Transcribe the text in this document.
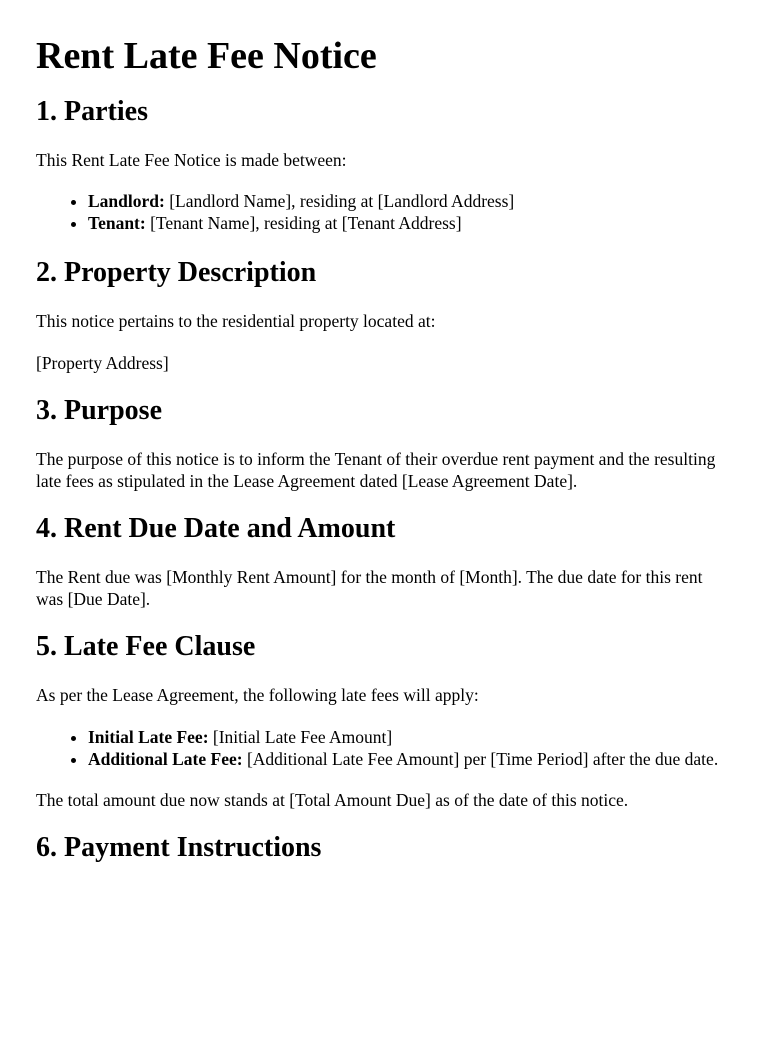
Rent Late Fee Notice
1. Parties

This Rent Late Fee Notice is made between:

• Landlord: [Landlord Name], residing at [Landlord Address]
• Tenant: [Tenant Name], residing at [Tenant Address]
2. Property Description

This notice pertains to the residential property located at:

[Property Address]

3. Purpose

The purpose of this notice is to inform the Tenant of their overdue rent payment and the resulting late fees as stipulated in the Lease Agreement dated [Lease Agreement Date].

4. Rent Due Date and Amount

The Rent due was [Monthly Rent Amount] for the month of [Month]. The due date for this rent was [Due Date].

5. Late Fee Clause

As per the Lease Agreement, the following late fees will apply:

• Initial Late Fee: [Initial Late Fee Amount]
• Additional Late Fee: [Additional Late Fee Amount] per [Time Period] after the due date.

The total amount due now stands at [Total Amount Due] as of the date of this notice.

6. Payment Instructions
